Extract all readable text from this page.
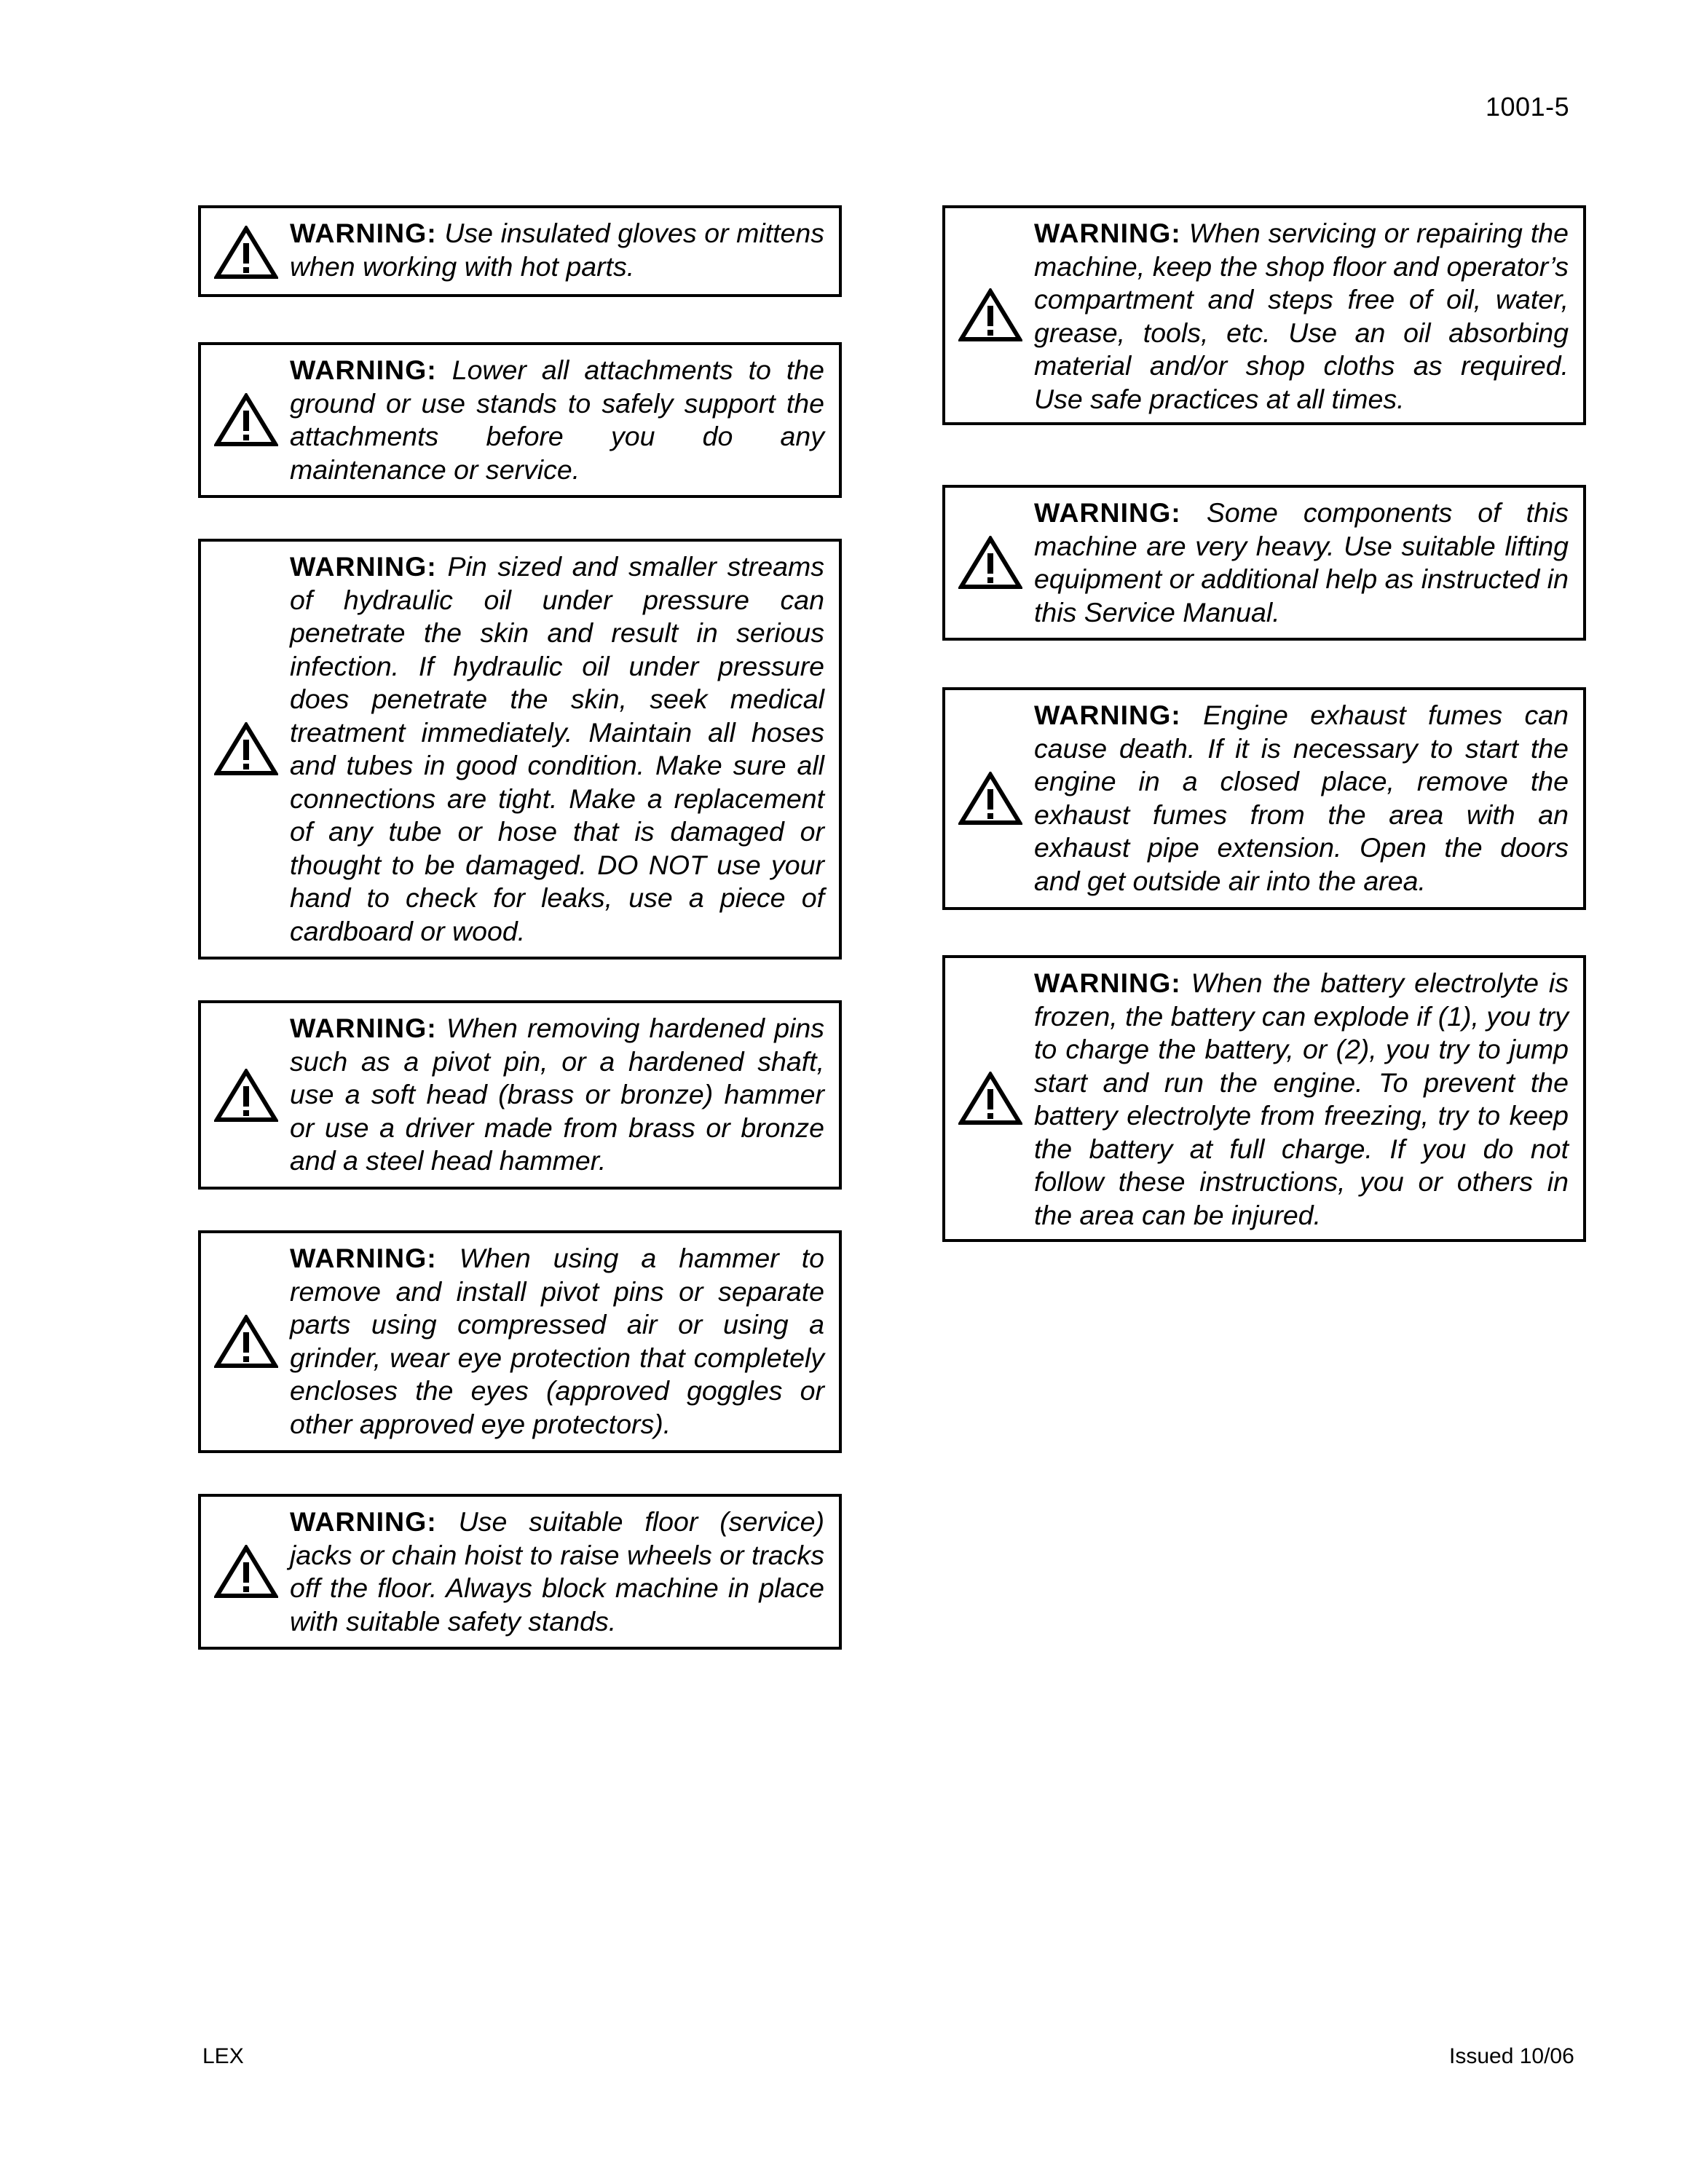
1001-5
WARNING: Use insulated gloves or mittens when working with hot parts.
WARNING: Lower all attachments to the ground or use stands to safely support the attachments before you do any maintenance or service.
WARNING: Pin sized and smaller streams of hydraulic oil under pressure can penetrate the skin and result in serious infection. If hydraulic oil under pressure does penetrate the skin, seek medical treatment immediately. Maintain all hoses and tubes in good condition. Make sure all connections are tight. Make a replacement of any tube or hose that is damaged or thought to be damaged. DO NOT use your hand to check for leaks, use a piece of cardboard or wood.
WARNING: When removing hardened pins such as a pivot pin, or a hardened shaft, use a soft head (brass or bronze) hammer or use a driver made from brass or bronze and a steel head hammer.
WARNING: When using a hammer to remove and install pivot pins or separate parts using compressed air or using a grinder, wear eye protection that completely encloses the eyes (approved goggles or other approved eye protectors).
WARNING: Use suitable floor (service) jacks or chain hoist to raise wheels or tracks off the floor. Always block machine in place with suitable safety stands.
WARNING: When servicing or repairing the machine, keep the shop floor and operator’s compartment and steps free of oil, water, grease, tools, etc. Use an oil absorbing material and/or shop cloths as required. Use safe practices at all times.
WARNING: Some components of this machine are very heavy. Use suitable lifting equipment or additional help as instructed in this Service Manual.
WARNING: Engine exhaust fumes can cause death. If it is necessary to start the engine in a closed place, remove the exhaust fumes from the area with an exhaust pipe extension. Open the doors and get outside air into the area.
WARNING: When the battery electrolyte is frozen, the battery can explode if (1), you try to charge the battery, or (2), you try to jump start and run the engine. To prevent the battery electrolyte from freezing, try to keep the battery at full charge. If you do not follow these instructions, you or others in the area can be injured.
LEX	Issued 10/06
